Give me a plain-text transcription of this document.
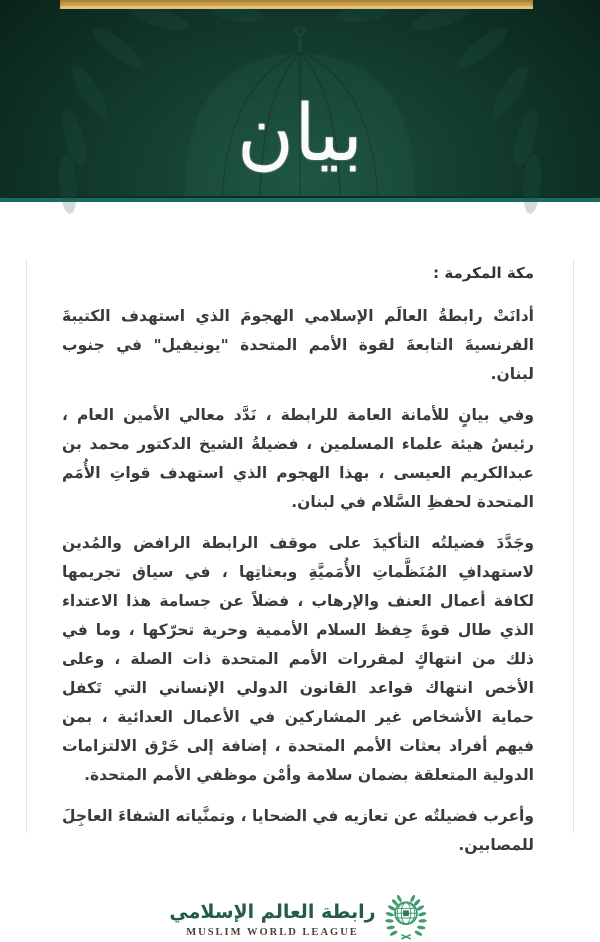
بيان

مكة المكرمة :

أدانَتْ رابطةُ العالَم الإسلامي الهجومَ الذي استهدف الكتيبةَ الفرنسيةَ التابعةَ لقوة الأمم المتحدة "يونيفيل" في جنوب لبنان.

وفي بيانٍ للأمانة العامة للرابطة ، نَدَّد معالي الأمين العام ، رئيسُ هيئة علماء المسلمين ، فضيلةُ الشيخ الدكتور محمد بن عبدالكريم العيسى ، بهذا الهجوم الذي استهدف قواتِ الأُمَم المتحدة لحفظِ السَّلام في لبنان.

وجَدَّدَ فضيلتُه التأكيدَ على موقف الرابطة الرافض والمُدين لاستهدافِ المُنَظَّماتِ الأُمَميَّةِ وبعثاتِها ، في سياق تجريمها لكافة أعمال العنف والإرهاب ، فضلاً عن جسامة هذا الاعتداء الذي طال قوةَ حِفظ السلام الأممية وحرية تحرّكها ، وما في ذلك من انتهاكٍ لمقررات الأمم المتحدة ذات الصلة ، وعلى الأخص انتهاك قواعد القانون الدولي الإنساني التي تَكفل حماية الأشخاص غير المشاركين في الأعمال العدائية ، بمن فيهم أفراد بعثات الأمم المتحدة ، إضافة إلى خَرْق الالتزامات الدولية المتعلقة بضمان سلامة وأمْن موظفي الأمم المتحدة.

وأعرب فضيلتُه عن تعازيه في الضحايا ، وتمنَّياته الشفاءَ العاجِلَ للمصابين.

رابطة العالم الإسلامي
MUSLIM WORLD LEAGUE
